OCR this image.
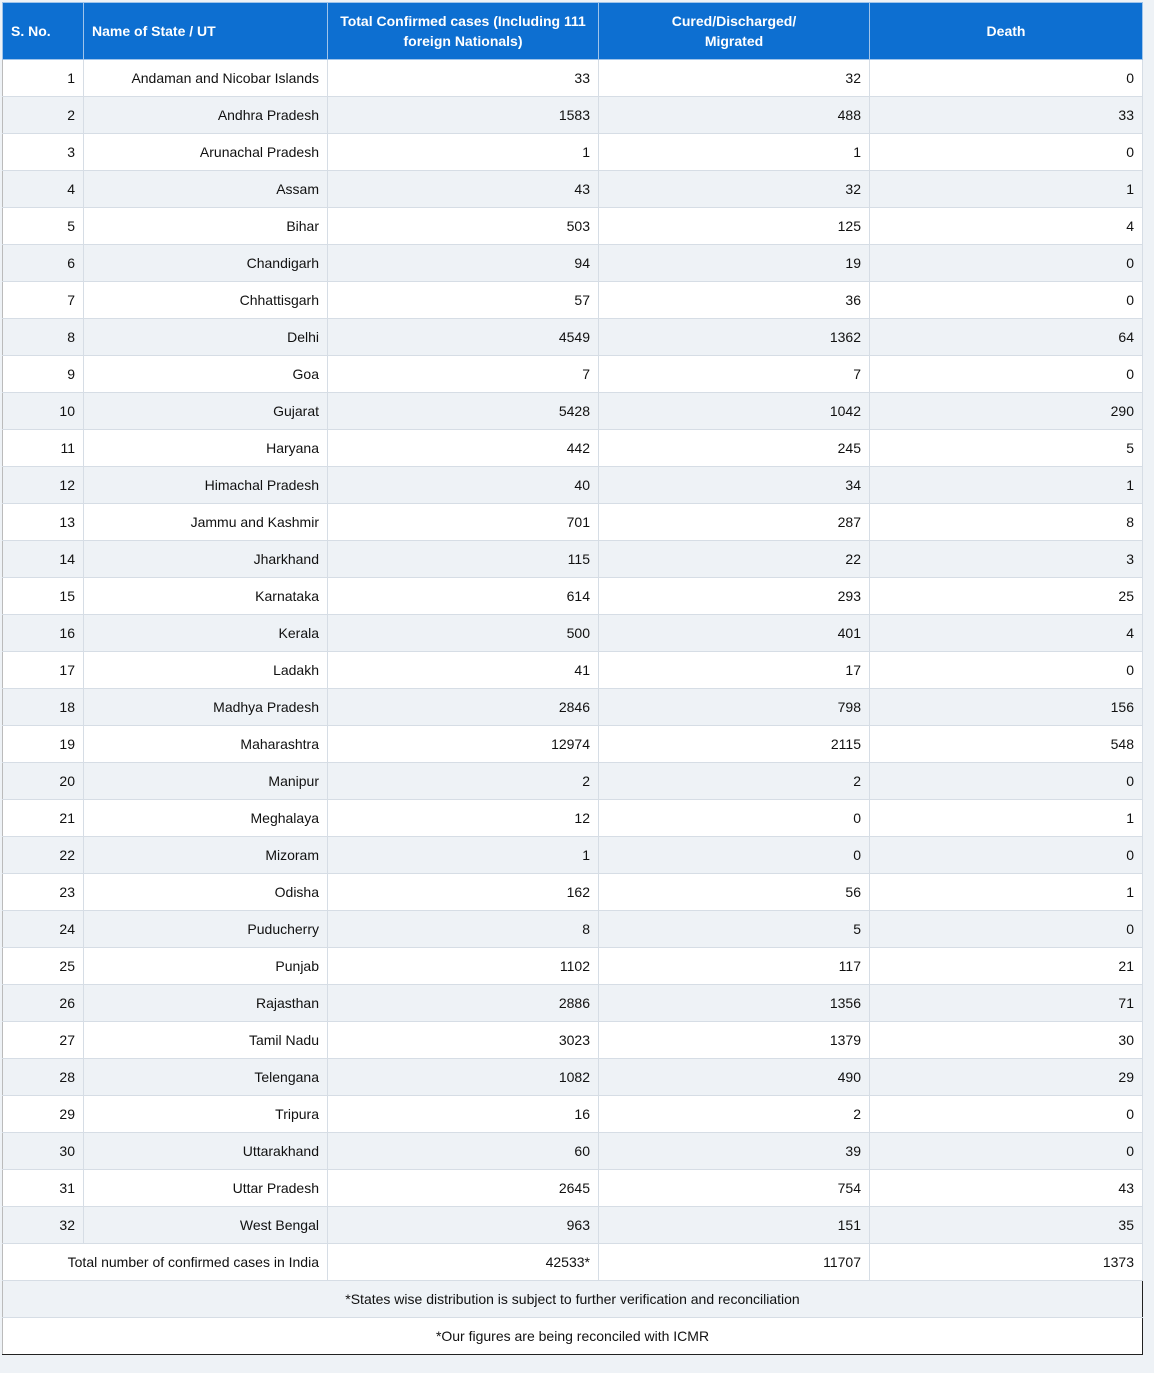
S. No.	Name of State / UT	Total Confirmed cases (Including 111
foreign Nationals)	Cured/Discharged/
Migrated	Death
1	Andaman and Nicobar Islands	33	32	0
2	Andhra Pradesh	1583	488	33
3	Arunachal Pradesh	1	1	0
4	Assam	43	32	1
5	Bihar	503	125	4
6	Chandigarh	94	19	0
7	Chhattisgarh	57	36	0
8	Delhi	4549	1362	64
9	Goa	7	7	0
10	Gujarat	5428	1042	290
11	Haryana	442	245	5
12	Himachal Pradesh	40	34	1
13	Jammu and Kashmir	701	287	8
14	Jharkhand	115	22	3
15	Karnataka	614	293	25
16	Kerala	500	401	4
17	Ladakh	41	17	0
18	Madhya Pradesh	2846	798	156
19	Maharashtra	12974	2115	548
20	Manipur	2	2	0
21	Meghalaya	12	0	1
22	Mizoram	1	0	0
23	Odisha	162	56	1
24	Puducherry	8	5	0
25	Punjab	1102	117	21
26	Rajasthan	2886	1356	71
27	Tamil Nadu	3023	1379	30
28	Telengana	1082	490	29
29	Tripura	16	2	0
30	Uttarakhand	60	39	0
31	Uttar Pradesh	2645	754	43
32	West Bengal	963	151	35
Total number of confirmed cases in India		42533*	11707	1373
*States wise distribution is subject to further verification and reconciliation				
*Our figures are being reconciled with ICMR				
